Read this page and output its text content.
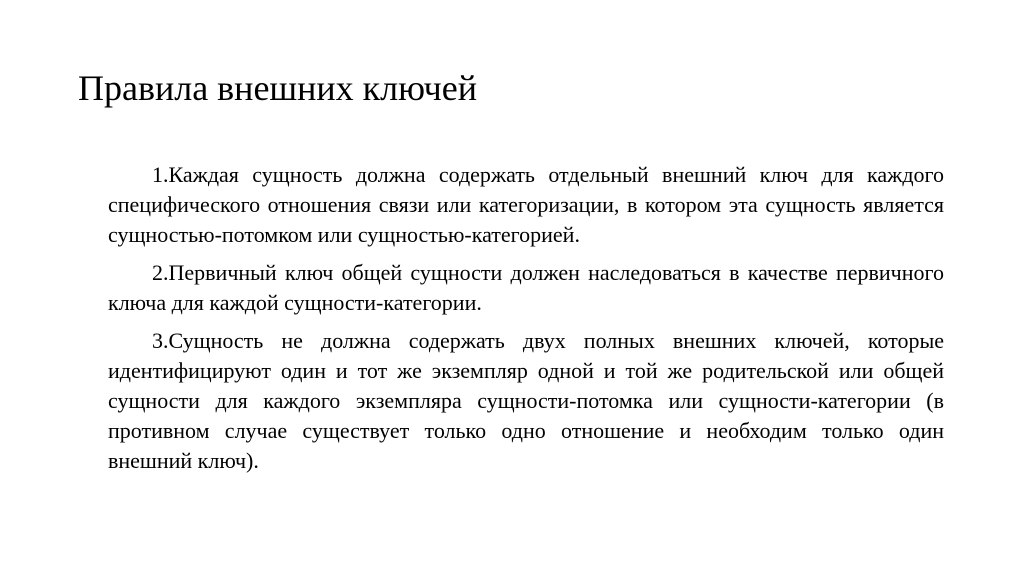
Правила внешних ключей

1.Каждая сущность должна содержать отдельный внешний ключ для каждого специфического отношения связи или категоризации, в котором эта сущность является сущностью-потомком или сущностью-категорией.

2.Первичный ключ общей сущности должен наследоваться в качестве первичного ключа для каждой сущности-категории.

3.Сущность не должна содержать двух полных внешних ключей, которые идентифицируют один и тот же экземпляр одной и той же родительской или общей сущности для каждого экземпляра сущности-потомка или сущности-категории (в противном случае существует только одно отношение и необходим только один внешний ключ).
